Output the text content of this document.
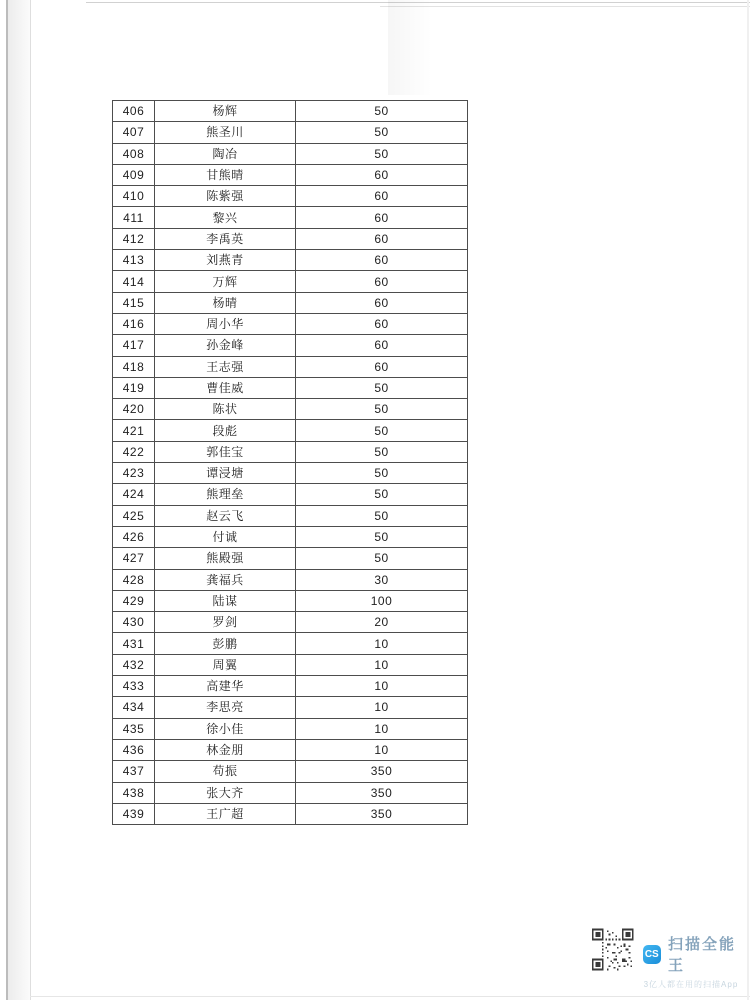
406	杨辉	50
407	熊圣川	50
408	陶冶	50
409	甘熊晴	60
410	陈紫强	60
411	黎兴	60
412	李禹英	60
413	刘燕青	60
414	万辉	60
415	杨晴	60
416	周小华	60
417	孙金峰	60
418	王志强	60
419	曹佳威	50
420	陈状	50
421	段彪	50
422	郭佳宝	50
423	谭浸塘	50
424	熊理垒	50
425	赵云飞	50
426	付诚	50
427	熊殿强	50
428	龚福兵	30
429	陆谋	100
430	罗剑	20
431	彭鹏	10
432	周翼	10
433	高建华	10
434	李思亮	10
435	徐小佳	10
436	林金朋	10
437	苟振	350
438	张大齐	350
439	王广超	350
CS
扫描全能王
3亿人都在用的扫描App
